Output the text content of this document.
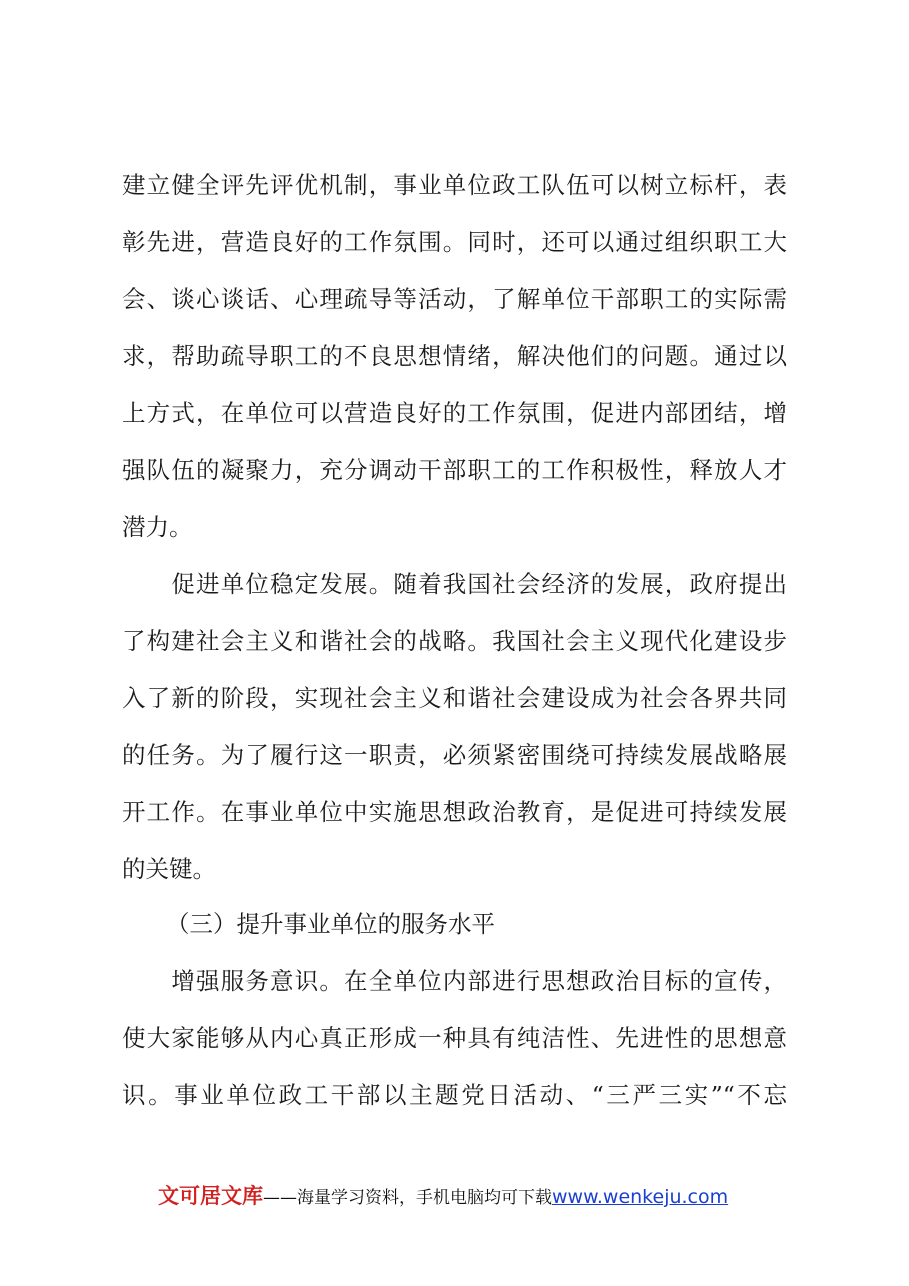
建立健全评先评优机制，事业单位政工队伍可以树立标杆，表
彰先进，营造良好的工作氛围。同时，还可以通过组织职工大
会、谈心谈话、心理疏导等活动，了解单位干部职工的实际需
求，帮助疏导职工的不良思想情绪，解决他们的问题。通过以
上方式，在单位可以营造良好的工作氛围，促进内部团结，增
强队伍的凝聚力，充分调动干部职工的工作积极性，释放人才
潜力。
　　促进单位稳定发展。随着我国社会经济的发展，政府提出
了构建社会主义和谐社会的战略。我国社会主义现代化建设步
入了新的阶段，实现社会主义和谐社会建设成为社会各界共同
的任务。为了履行这一职责，必须紧密围绕可持续发展战略展
开工作。在事业单位中实施思想政治教育，是促进可持续发展
的关键。
（三）提升事业单位的服务水平
　　增强服务意识。在全单位内部进行思想政治目标的宣传，
使大家能够从内心真正形成一种具有纯洁性、先进性的思想意
识。事业单位政工干部以主题党日活动、“三严三实”“不忘
文可居文库——海量学习资料，手机电脑均可下载www.wenkeju.com
